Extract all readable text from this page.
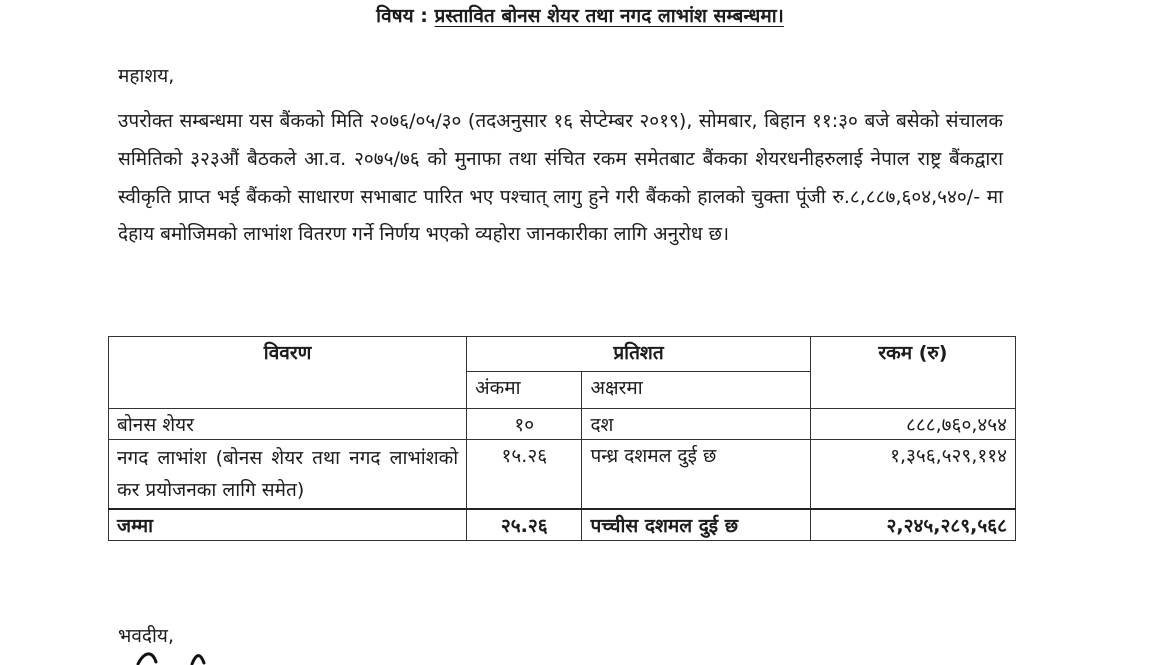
विषय : प्रस्तावित बोनस शेयर तथा नगद लाभांश सम्बन्धमा।
महाशय,
उपरोक्त सम्बन्धमा यस बैंकको मिति २०७६/०५/३० (तदअनुसार १६ सेप्टेम्बर २०१९), सोमबार, बिहान ११:३० बजे बसेको संचालक समितिको ३२३औं बैठकले आ.व. २०७५/७६ को मुनाफा तथा संचित रकम समेतबाट बैंकका शेयरधनीहरुलाई नेपाल राष्ट्र बैंकद्वारा स्वीकृति प्राप्त भई बैंकको साधारण सभाबाट पारित भए पश्चात् लागु हुने गरी बैंकको हालको चुक्ता पूंजी रु.८,८८७,६०४,५४०/- मा देहाय बमोजिमको लाभांश वितरण गर्ने निर्णय भएको व्यहोरा जानकारीका लागि अनुरोध छ।
विवरण	प्रतिशत		रकम (रु)
	अंकमा	अक्षरमा	
बोनस शेयर	१०	दश	८८८,७६०,४५४
नगद लाभांश (बोनस शेयर तथा नगद लाभांशको कर प्रयोजनका लागि समेत)	१५.२६	पन्ध्र दशमल दुई छ	१,३५६,५२९,११४
जम्मा	२५.२६	पच्चीस दशमल दुई छ	२,२४५,२८९,५६८
भवदीय,
